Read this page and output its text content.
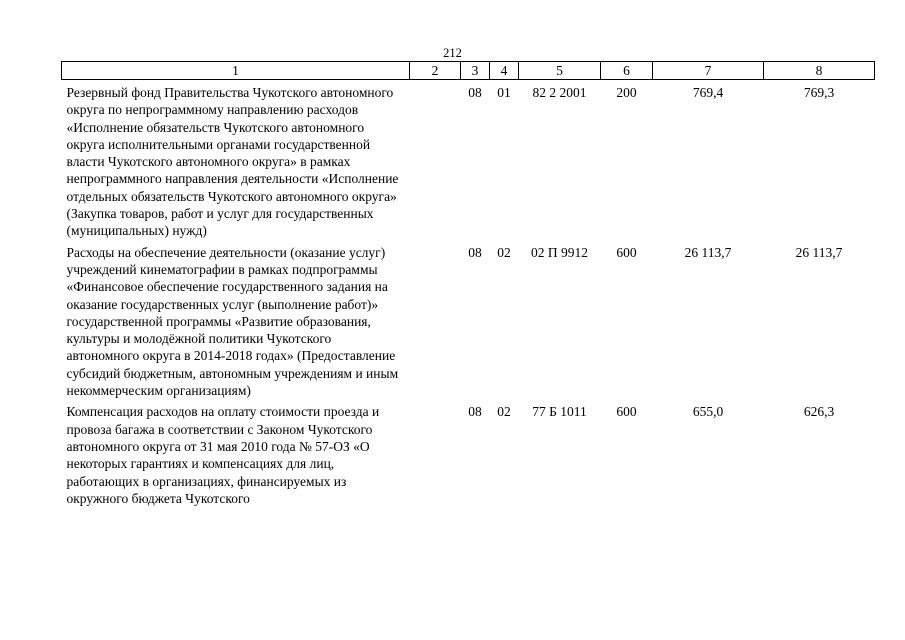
212
1	2	3	4	5	6	7	8
Резервный фонд Правительства Чукотского автономного округа по непрограммному направлению расходов «Исполнение обязательств Чукотского автономного округа исполнительными органами государственной власти Чукотского автономного округа» в рамках непрограммного направления деятельности «Исполнение отдельных обязательств Чукотского автономного округа» (Закупка товаров, работ и услуг для государственных (муниципальных) нужд)		08	01	82 2 2001	200	769,4	769,3
Расходы на обеспечение деятельности (оказание услуг) учреждений кинематографии в рамках подпрограммы «Финансовое обеспечение государственного задания на оказание государственных услуг (выполнение работ)» государственной программы «Развитие образования, культуры и молодёжной политики Чукотского автономного округа в 2014-2018 годах» (Предоставление субсидий бюджетным, автономным учреждениям и иным некоммерческим организациям)		08	02	02 П 9912	600	26 113,7	26 113,7
Компенсация расходов на оплату стоимости проезда и провоза багажа в соответствии с Законом Чукотского автономного округа от 31 мая 2010 года № 57-ОЗ «О некоторых гарантиях и компенсациях для лиц, работающих в организациях, финансируемых из окружного бюджета Чукотского		08	02	77 Б 1011	600	655,0	626,3
